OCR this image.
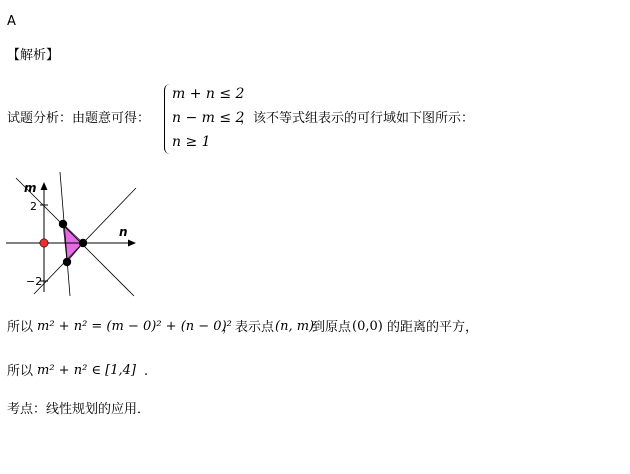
A
【解析】
试题分析：由题意可得：
m + n ≤ 2
n − m ≤ 2
n ≥ 1
，该不等式组表示的可行域如下图所示：
m
n
2
−2
所以 m² + n² = (m − 0)² + (n − 0)²
，表示点 (n, m)
到原点 (0,0) 的距离的平方，
所以 m² + n² ∈ [1,4] .
考点：线性规划的应用．
